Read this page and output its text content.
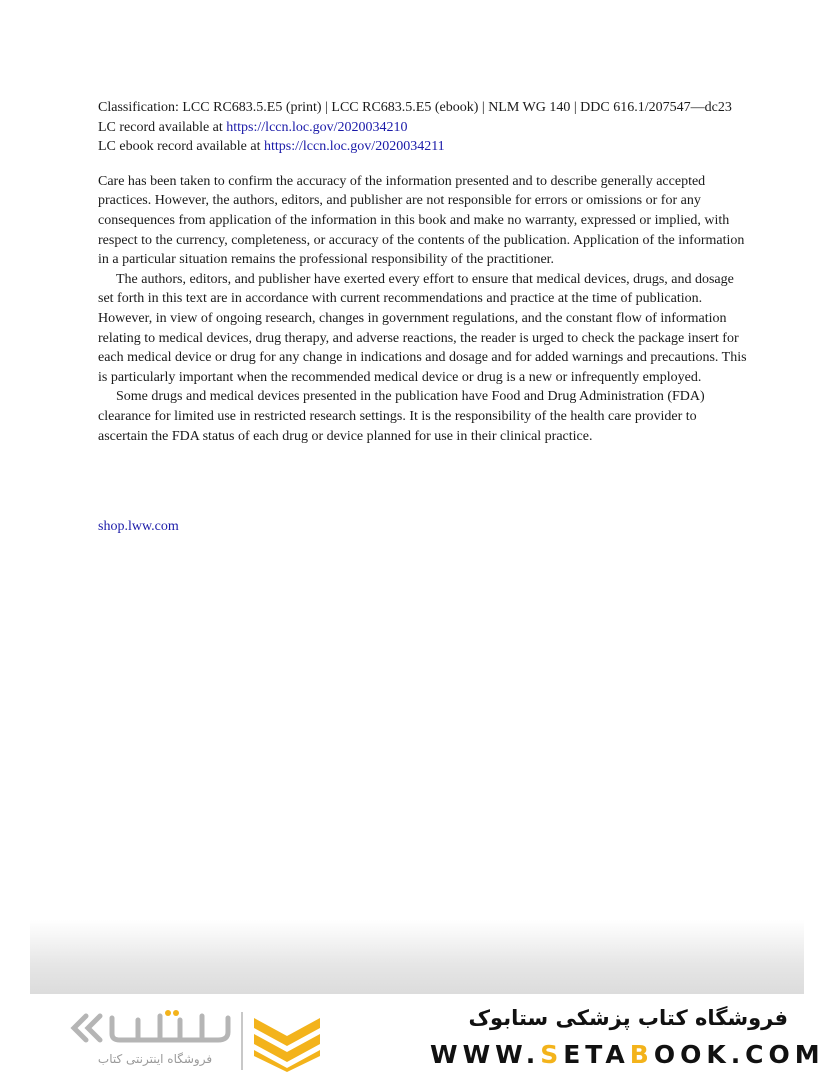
Classification: LCC RC683.5.E5 (print) | LCC RC683.5.E5 (ebook) | NLM WG 140 | DDC 616.1/207547—dc23

LC record available at https://lccn.loc.gov/2020034210

LC ebook record available at https://lccn.loc.gov/2020034211

Care has been taken to confirm the accuracy of the information presented and to describe generally accepted practices. However, the authors, editors, and publisher are not responsible for errors or omissions or for any consequences from application of the information in this book and make no warranty, expressed or implied, with respect to the currency, completeness, or accuracy of the contents of the publication. Application of the information in a particular situation remains the professional responsibility of the practitioner.

The authors, editors, and publisher have exerted every effort to ensure that medical devices, drugs, and dosage set forth in this text are in accordance with current recommendations and practice at the time of publication. However, in view of ongoing research, changes in government regulations, and the constant flow of information relating to medical devices, drug therapy, and adverse reactions, the reader is urged to check the package insert for each medical device or drug for any change in indications and dosage and for added warnings and precautions. This is particularly important when the recommended medical device or drug is a new or infrequently employed.

Some drugs and medical devices presented in the publication have Food and Drug Administration (FDA) clearance for limited use in restricted research settings. It is the responsibility of the health care provider to ascertain the FDA status of each drug or device planned for use in their clinical practice.

shop.lww.com
فروشگاه اینترنتی کتاب
فروشگاه کتاب پزشکی ستابوک
WWW.SETABOOK.COM
